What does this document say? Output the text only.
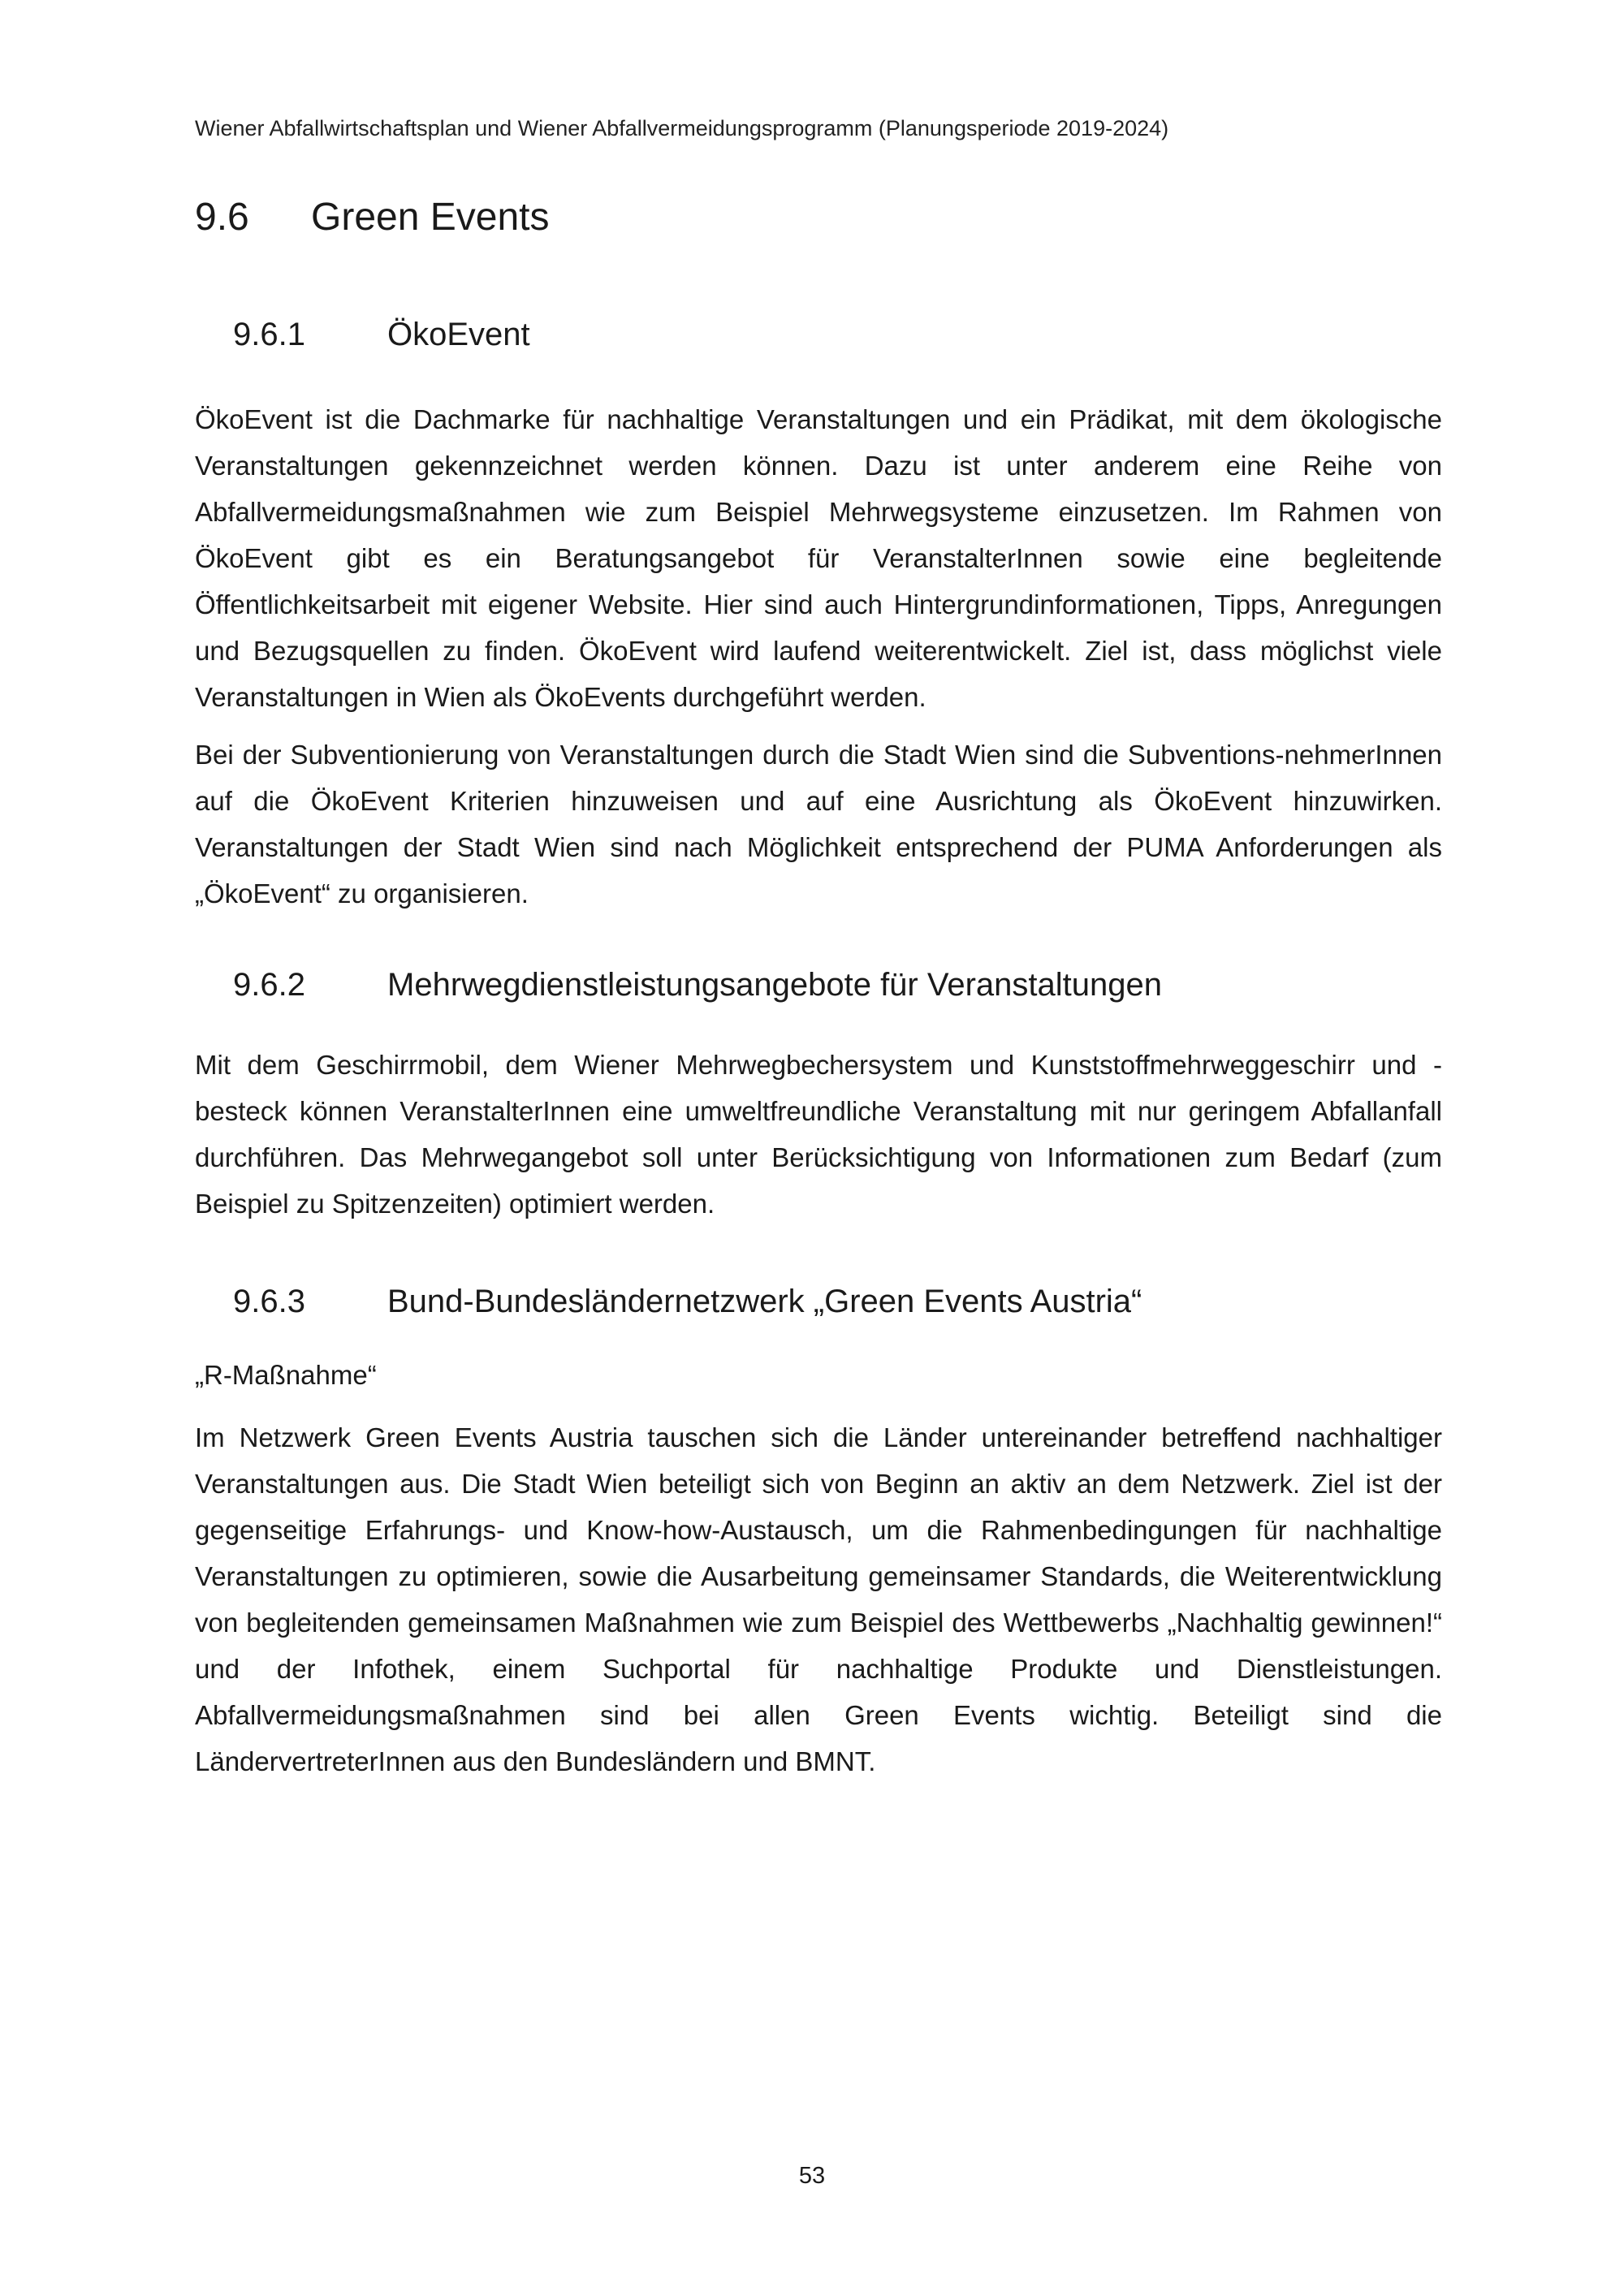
Wiener Abfallwirtschaftsplan und Wiener Abfallvermeidungsprogramm (Planungsperiode 2019-2024)
9.6	Green Events
9.6.1	ÖkoEvent

ÖkoEvent ist die Dachmarke für nachhaltige Veranstaltungen und ein Prädikat, mit dem ökologische Veranstaltungen gekennzeichnet werden können. Dazu ist unter anderem eine Reihe von Abfallvermeidungsmaßnahmen wie zum Beispiel Mehrwegsysteme einzusetzen. Im Rahmen von ÖkoEvent gibt es ein Beratungsangebot für VeranstalterInnen sowie eine begleitende Öffentlichkeitsarbeit mit eigener Website. Hier sind auch Hintergrundinformationen, Tipps, Anregungen und Bezugsquellen zu finden. ÖkoEvent wird laufend weiterentwickelt. Ziel ist, dass möglichst viele Veranstaltungen in Wien als ÖkoEvents durchgeführt werden.

Bei der Subventionierung von Veranstaltungen durch die Stadt Wien sind die Subventions-nehmerInnen auf die ÖkoEvent Kriterien hinzuweisen und auf eine Ausrichtung als ÖkoEvent hinzuwirken. Veranstaltungen der Stadt Wien sind nach Möglichkeit entsprechend der PUMA Anforderungen als „ÖkoEvent“ zu organisieren.

9.6.2	Mehrwegdienstleistungsangebote für Veranstaltungen

Mit dem Geschirrmobil, dem Wiener Mehrwegbechersystem und Kunststoffmehrweggeschirr und -besteck können VeranstalterInnen eine umweltfreundliche Veranstaltung mit nur geringem Abfallanfall durchführen. Das Mehrwegangebot soll unter Berücksichtigung von Informationen zum Bedarf (zum Beispiel zu Spitzenzeiten) optimiert werden.

9.6.3	Bund-Bundesländernetzwerk „Green Events Austria“

„R-Maßnahme“

Im Netzwerk Green Events Austria tauschen sich die Länder untereinander betreffend nachhaltiger Veranstaltungen aus. Die Stadt Wien beteiligt sich von Beginn an aktiv an dem Netzwerk. Ziel ist der gegenseitige Erfahrungs- und Know-how-Austausch, um die Rahmenbedingungen für nachhaltige Veranstaltungen zu optimieren, sowie die Ausarbeitung gemeinsamer Standards, die Weiterentwicklung von begleitenden gemeinsamen Maßnahmen wie zum Beispiel des Wettbewerbs „Nachhaltig gewinnen!“ und der Infothek, einem Suchportal für nachhaltige Produkte und Dienstleistungen. Abfallvermeidungsmaßnahmen sind bei allen Green Events wichtig. Beteiligt sind die LändervertreterInnen aus den Bundesländern und BMNT.

53
